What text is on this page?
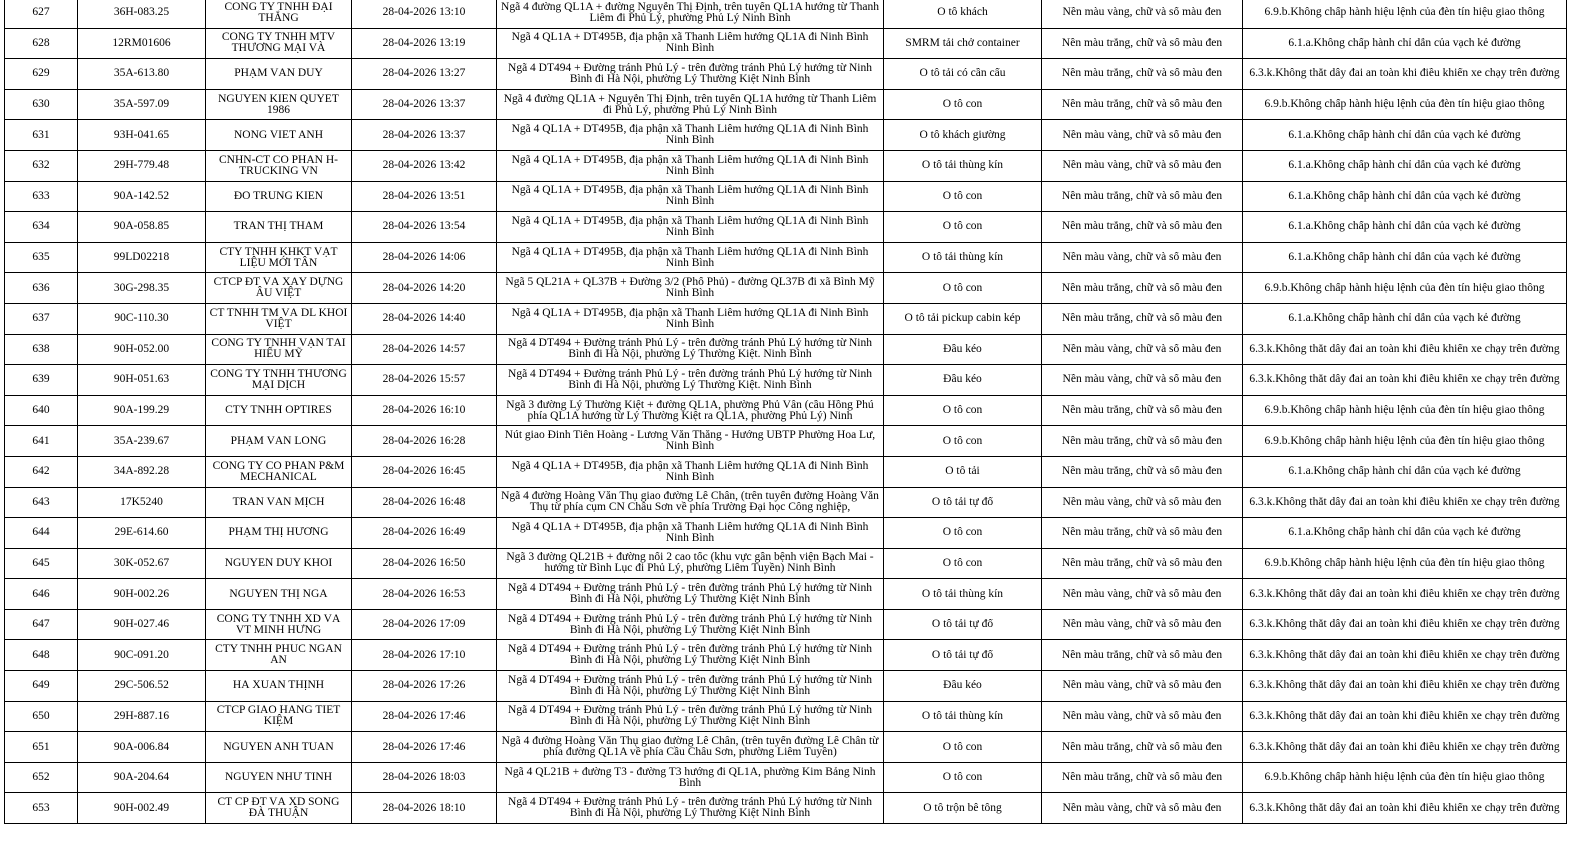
627	36H-083.25	CÔNG TY TNHH ĐẠI THẮNG	28-04-2026 13:10	Ngã 4 đường QL1A + đường Nguyễn Thị Định, trên tuyến QL1A hướng từ Thanh Liêm đi Phủ Lý, phường Phủ Lý Ninh Bình	Ô tô khách	Nền màu vàng, chữ và số màu đen	6.9.b.Không chấp hành hiệu lệnh của đèn tín hiệu giao thông

628	12RM01606	CÔNG TY TNHH MTV THƯƠNG MẠI VÀ	28-04-2026 13:19	Ngã 4 QL1A + DT495B, địa phận xã Thanh Liêm hướng QL1A đi Ninh Bình Ninh Bình	SMRM tải chở container	Nền màu trắng, chữ và số màu đen	6.1.a.Không chấp hành chỉ dẫn của vạch kẻ đường

629	35A-613.80	PHẠM VĂN DUY	28-04-2026 13:27	Ngã 4 DT494 + Đường tránh Phủ Lý - trên đường tránh Phủ Lý hướng từ Ninh Bình đi Hà Nội, phường Lý Thường Kiệt Ninh Bình	Ô tô tải có cần cẩu	Nền màu trắng, chữ và số màu đen	6.3.k.Không thắt dây đai an toàn khi điều khiển xe chạy trên đường

630	35A-597.09	NGUYỄN KIÊN QUYẾT 1986	28-04-2026 13:37	Ngã 4 đường QL1A + Nguyễn Thị Định, trên tuyến QL1A hướng từ Thanh Liêm đi Phủ Lý, phường Phủ Lý Ninh Bình	Ô tô con	Nền màu trắng, chữ và số màu đen	6.9.b.Không chấp hành hiệu lệnh của đèn tín hiệu giao thông

631	93H-041.65	NÔNG VIẾT ANH	28-04-2026 13:37	Ngã 4 QL1A + DT495B, địa phận xã Thanh Liêm hướng QL1A đi Ninh Bình Ninh Bình	Ô tô khách giường	Nền màu vàng, chữ và số màu đen	6.1.a.Không chấp hành chỉ dẫn của vạch kẻ đường

632	29H-779.48	CNHN-CT CỔ PHẦN H-TRUCKING VN	28-04-2026 13:42	Ngã 4 QL1A + DT495B, địa phận xã Thanh Liêm hướng QL1A đi Ninh Bình Ninh Bình	Ô tô tải thùng kín	Nền màu vàng, chữ và số màu đen	6.1.a.Không chấp hành chỉ dẫn của vạch kẻ đường

633	90A-142.52	ĐỖ TRUNG KIÊN	28-04-2026 13:51	Ngã 4 QL1A + DT495B, địa phận xã Thanh Liêm hướng QL1A đi Ninh Bình Ninh Bình	Ô tô con	Nền màu trắng, chữ và số màu đen	6.1.a.Không chấp hành chỉ dẫn của vạch kẻ đường

634	90A-058.85	TRẦN THỊ THẮM	28-04-2026 13:54	Ngã 4 QL1A + DT495B, địa phận xã Thanh Liêm hướng QL1A đi Ninh Bình Ninh Bình	Ô tô con	Nền màu trắng, chữ và số màu đen	6.1.a.Không chấp hành chỉ dẫn của vạch kẻ đường

635	99LD02218	CTY TNHH KHKT VẬT LIỆU MỚI TÂN	28-04-2026 14:06	Ngã 4 QL1A + DT495B, địa phận xã Thanh Liêm hướng QL1A đi Ninh Bình Ninh Bình	Ô tô tải thùng kín	Nền màu vàng, chữ và số màu đen	6.1.a.Không chấp hành chỉ dẫn của vạch kẻ đường

636	30G-298.35	CTCP ĐT VÀ XÂY DỰNG ÂU VIỆT	28-04-2026 14:20	Ngã 5 QL21A + QL37B + Đường 3/2 (Phố Phủ) - đường QL37B đi xã Bình Mỹ Ninh Bình	Ô tô con	Nền màu trắng, chữ và số màu đen	6.9.b.Không chấp hành hiệu lệnh của đèn tín hiệu giao thông

637	90C-110.30	CT TNHH TM VÀ DL KHÔI VIỆT	28-04-2026 14:40	Ngã 4 QL1A + DT495B, địa phận xã Thanh Liêm hướng QL1A đi Ninh Bình Ninh Bình	Ô tô tải pickup cabin kép	Nền màu trắng, chữ và số màu đen	6.1.a.Không chấp hành chỉ dẫn của vạch kẻ đường

638	90H-052.00	CÔNG TY TNHH VẬN TẢI HIẾU MỸ	28-04-2026 14:57	Ngã 4 DT494 + Đường tránh Phủ Lý - trên đường tránh Phủ Lý hướng từ Ninh Bình đi Hà Nội, phường Lý Thường Kiệt. Ninh Bình	Đầu kéo	Nền màu vàng, chữ và số màu đen	6.3.k.Không thắt dây đai an toàn khi điều khiển xe chạy trên đường

639	90H-051.63	CÔNG TY TNHH THƯƠNG MẠI DỊCH	28-04-2026 15:57	Ngã 4 DT494 + Đường tránh Phủ Lý - trên đường tránh Phủ Lý hướng từ Ninh Bình đi Hà Nội, phường Lý Thường Kiệt. Ninh Bình	Đầu kéo	Nền màu vàng, chữ và số màu đen	6.3.k.Không thắt dây đai an toàn khi điều khiển xe chạy trên đường

640	90A-199.29	CTY TNHH OPTIRES	28-04-2026 16:10	Ngã 3 đường Lý Thường Kiệt + đường QL1A, phường Phủ Vân (cầu Hồng Phú phía QL1A hướng từ Lý Thường Kiệt ra QL1A, phường Phủ Lý) Ninh	Ô tô con	Nền màu trắng, chữ và số màu đen	6.9.b.Không chấp hành hiệu lệnh của đèn tín hiệu giao thông

641	35A-239.67	PHẠM VĂN LONG	28-04-2026 16:28	Nút giao Đinh Tiên Hoàng - Lương Văn Thăng - Hướng UBTP Phường Hoa Lư, Ninh Bình	Ô tô con	Nền màu trắng, chữ và số màu đen	6.9.b.Không chấp hành hiệu lệnh của đèn tín hiệu giao thông

642	34A-892.28	CÔNG TY CỔ PHẦN P&M MECHANICAL	28-04-2026 16:45	Ngã 4 QL1A + DT495B, địa phận xã Thanh Liêm hướng QL1A đi Ninh Bình Ninh Bình	Ô tô tải	Nền màu trắng, chữ và số màu đen	6.1.a.Không chấp hành chỉ dẫn của vạch kẻ đường

643	17K5240	TRẦN VĂN MỊCH	28-04-2026 16:48	Ngã 4 đường Hoàng Văn Thụ giao đường Lê Chân, (trên tuyến đường Hoàng Văn Thụ từ phía cụm CN Châu Sơn về phía Trường Đại học Công nghiệp,	Ô tô tải tự đổ	Nền màu vàng, chữ và số màu đen	6.3.k.Không thắt dây đai an toàn khi điều khiển xe chạy trên đường

644	29E-614.60	PHẠM THỊ HƯƠNG	28-04-2026 16:49	Ngã 4 QL1A + DT495B, địa phận xã Thanh Liêm hướng QL1A đi Ninh Bình Ninh Bình	Ô tô con	Nền màu trắng, chữ và số màu đen	6.1.a.Không chấp hành chỉ dẫn của vạch kẻ đường

645	30K-052.67	NGUYỄN DUY KHÔI	28-04-2026 16:50	Ngã 3 đường QL21B + đường nối 2 cao tốc (khu vực gần bệnh viện Bạch Mai - hướng từ Bình Lục đi Phủ Lý, phường Liêm Tuyền) Ninh Bình	Ô tô con	Nền màu trắng, chữ và số màu đen	6.9.b.Không chấp hành hiệu lệnh của đèn tín hiệu giao thông

646	90H-002.26	NGUYỄN THỊ NGA	28-04-2026 16:53	Ngã 4 DT494 + Đường tránh Phủ Lý - trên đường tránh Phủ Lý hướng từ Ninh Bình đi Hà Nội, phường Lý Thường Kiệt Ninh Bình	Ô tô tải thùng kín	Nền màu vàng, chữ và số màu đen	6.3.k.Không thắt dây đai an toàn khi điều khiển xe chạy trên đường

647	90H-027.46	CÔNG TY TNHH XD VÀ VT MINH HƯNG	28-04-2026 17:09	Ngã 4 DT494 + Đường tránh Phủ Lý - trên đường tránh Phủ Lý hướng từ Ninh Bình đi Hà Nội, phường Lý Thường Kiệt Ninh Bình	Ô tô tải tự đổ	Nền màu vàng, chữ và số màu đen	6.3.k.Không thắt dây đai an toàn khi điều khiển xe chạy trên đường

648	90C-091.20	CTY TNHH PHÚC NGÂN AN	28-04-2026 17:10	Ngã 4 DT494 + Đường tránh Phủ Lý - trên đường tránh Phủ Lý hướng từ Ninh Bình đi Hà Nội, phường Lý Thường Kiệt Ninh Bình	Ô tô tải tự đổ	Nền màu trắng, chữ và số màu đen	6.3.k.Không thắt dây đai an toàn khi điều khiển xe chạy trên đường

649	29C-506.52	HÀ XUÂN THỊNH	28-04-2026 17:26	Ngã 4 DT494 + Đường tránh Phủ Lý - trên đường tránh Phủ Lý hướng từ Ninh Bình đi Hà Nội, phường Lý Thường Kiệt Ninh Bình	Đầu kéo	Nền màu vàng, chữ và số màu đen	6.3.k.Không thắt dây đai an toàn khi điều khiển xe chạy trên đường

650	29H-887.16	CTCP GIAO HÀNG TIẾT KIỆM	28-04-2026 17:46	Ngã 4 DT494 + Đường tránh Phủ Lý - trên đường tránh Phủ Lý hướng từ Ninh Bình đi Hà Nội, phường Lý Thường Kiệt Ninh Bình	Ô tô tải thùng kín	Nền màu vàng, chữ và số màu đen	6.3.k.Không thắt dây đai an toàn khi điều khiển xe chạy trên đường

651	90A-006.84	NGUYỄN ANH TUẤN	28-04-2026 17:46	Ngã 4 đường Hoàng Văn Thụ giao đường Lê Chân, (trên tuyến đường Lê Chân từ phía đường QL1A về phía Cầu Châu Sơn, phường Liêm Tuyền)	Ô tô con	Nền màu trắng, chữ và số màu đen	6.3.k.Không thắt dây đai an toàn khi điều khiển xe chạy trên đường

652	90A-204.64	NGUYỄN NHƯ TÍNH	28-04-2026 18:03	Ngã 4 QL21B + đường T3 - đường T3 hướng đi QL1A, phường Kim Bảng Ninh Bình	Ô tô con	Nền màu trắng, chữ và số màu đen	6.9.b.Không chấp hành hiệu lệnh của đèn tín hiệu giao thông

653	90H-002.49	CT CP ĐT VÀ XD SÔNG ĐÀ THUẬN	28-04-2026 18:10	Ngã 4 DT494 + Đường tránh Phủ Lý - trên đường tránh Phủ Lý hướng từ Ninh Bình đi Hà Nội, phường Lý Thường Kiệt Ninh Bình	Ô tô trộn bê tông	Nền màu vàng, chữ và số màu đen	6.3.k.Không thắt dây đai an toàn khi điều khiển xe chạy trên đường
